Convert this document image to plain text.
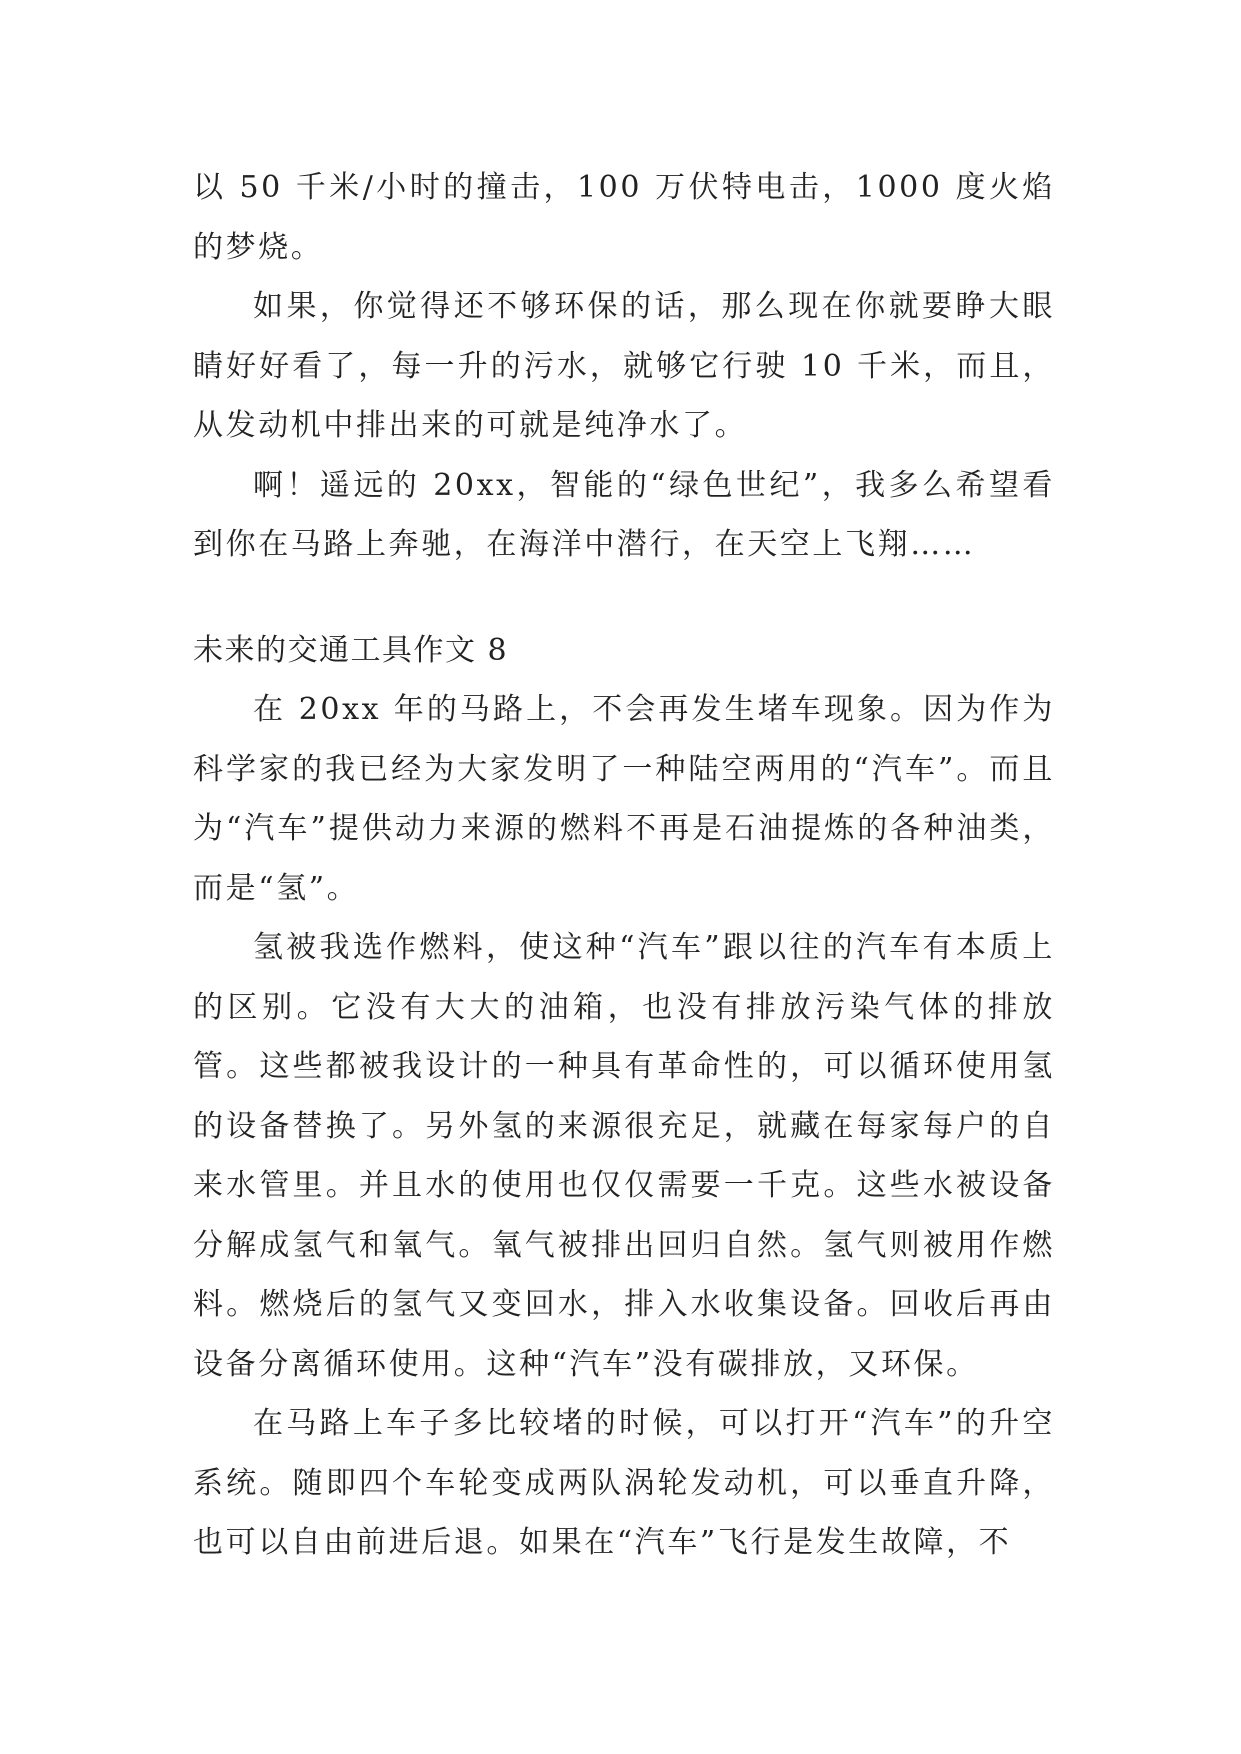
以 50 千米/小时的撞击，100 万伏特电击，1000 度火焰的梦烧。

如果，你觉得还不够环保的话，那么现在你就要睁大眼睛好好看了，每一升的污水，就够它行驶 10 千米，而且，从发动机中排出来的可就是纯净水了。

啊！遥远的 20xx，智能的“绿色世纪”，我多么希望看到你在马路上奔驰，在海洋中潜行，在天空上飞翔……

未来的交通工具作文 8

在 20xx 年的马路上，不会再发生堵车现象。因为作为科学家的我已经为大家发明了一种陆空两用的“汽车”。而且为“汽车”提供动力来源的燃料不再是石油提炼的各种油类，而是“氢”。

氢被我选作燃料，使这种“汽车”跟以往的汽车有本质上的区别。它没有大大的油箱，也没有排放污染气体的排放管。这些都被我设计的一种具有革命性的，可以循环使用氢的设备替换了。另外氢的来源很充足，就藏在每家每户的自来水管里。并且水的使用也仅仅需要一千克。这些水被设备分解成氢气和氧气。氧气被排出回归自然。氢气则被用作燃料。燃烧后的氢气又变回水，排入水收集设备。回收后再由设备分离循环使用。这种“汽车”没有碳排放，又环保。

在马路上车子多比较堵的时候，可以打开“汽车”的升空系统。随即四个车轮变成两队涡轮发动机，可以垂直升降，也可以自由前进后退。如果在“汽车”飞行是发生故障，不
